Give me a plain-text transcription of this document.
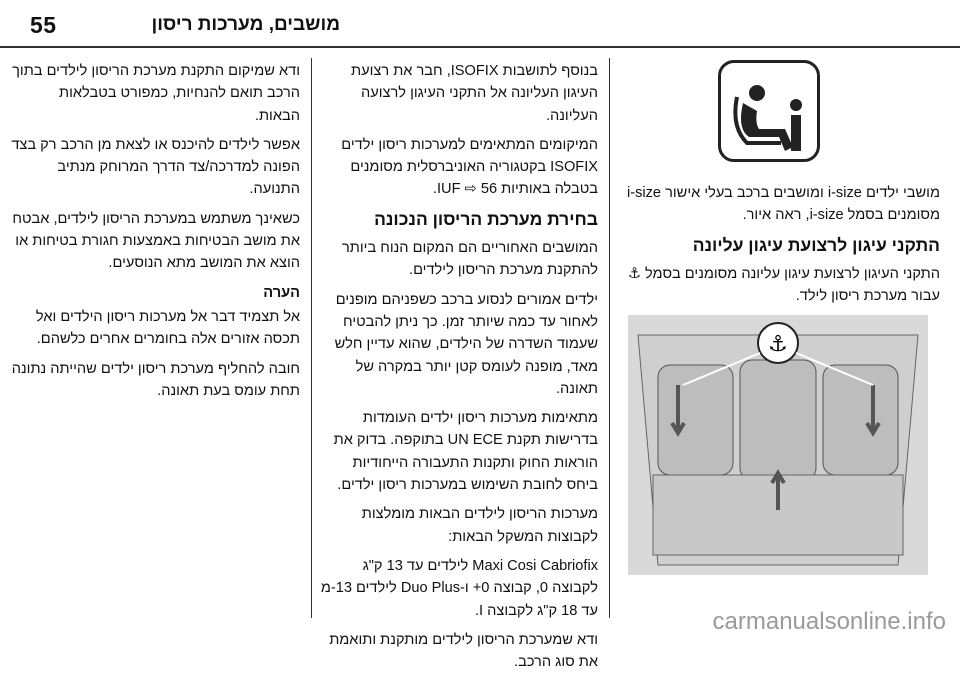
55	מושבים, מערכות ריסון

מושבי ילדים i-size ומושבים ברכב בעלי אישור i-size מסומנים בסמל i-size, ראה איור.

התקני עיגון לרצועת עיגון עליונה

התקני העיגון לרצועת עיגון עליונה מסומנים בסמל ⚓ עבור מערכת ריסון לילד.

⚓

בנוסף לתושבות ISOFIX, חבר את רצועת העיגון העליונה אל התקני העיגון לרצועה העליונה.

המיקומים המתאימים למערכות ריסון ילדים ISOFIX בקטגוריה האוניברסלית מסומנים בטבלה באותיות IUF ⇨ 56.

בחירת מערכת הריסון הנכונה

המושבים האחוריים הם המקום הנוח ביותר להתקנת מערכת הריסון לילדים.

ילדים אמורים לנסוע ברכב כשפניהם מופנים לאחור עד כמה שיותר זמן. כך ניתן להבטיח שעמוד השדרה של הילדים, שהוא עדיין חלש מאד, מופנה לעומס קטן יותר במקרה של תאונה.

מתאימות מערכות ריסון ילדים העומדות בדרישות תקנת UN ECE בתוקפה. בדוק את הוראות החוק ותקנות התעבורה הייחודיות ביחס לחובת השימוש במערכות ריסון ילדים.

מערכות הריסון לילדים הבאות מומלצות לקבוצות המשקל הבאות:

Maxi Cosi Cabriofix לילדים עד 13 ק"ג לקבוצה 0, קבוצה 0+ ו-Duo Plus לילדים 13-מ עד 18 ק"ג לקבוצה I.

ודא שמערכת הריסון לילדים מותקנת ותואמת את סוג הרכב.

ודא שמיקום התקנת מערכת הריסון לילדים בתוך הרכב תואם להנחיות, כמפורט בטבלאות הבאות.

אפשר לילדים להיכנס או לצאת מן הרכב רק בצד הפונה למדרכה/צד הדרך המרוחק מנתיב התנועה.

כשאינך משתמש במערכת הריסון לילדים, אבטח את מושב הבטיחות באמצעות חגורת בטיחות או הוצא את המושב מתא הנוסעים.

הערה

אל תצמיד דבר אל מערכות ריסון הילדים ואל תכסה אזורים אלה בחומרים אחרים כלשהם.

חובה להחליף מערכת ריסון ילדים שהייתה נתונה תחת עומס בעת תאונה.

carmanualsonline.info
